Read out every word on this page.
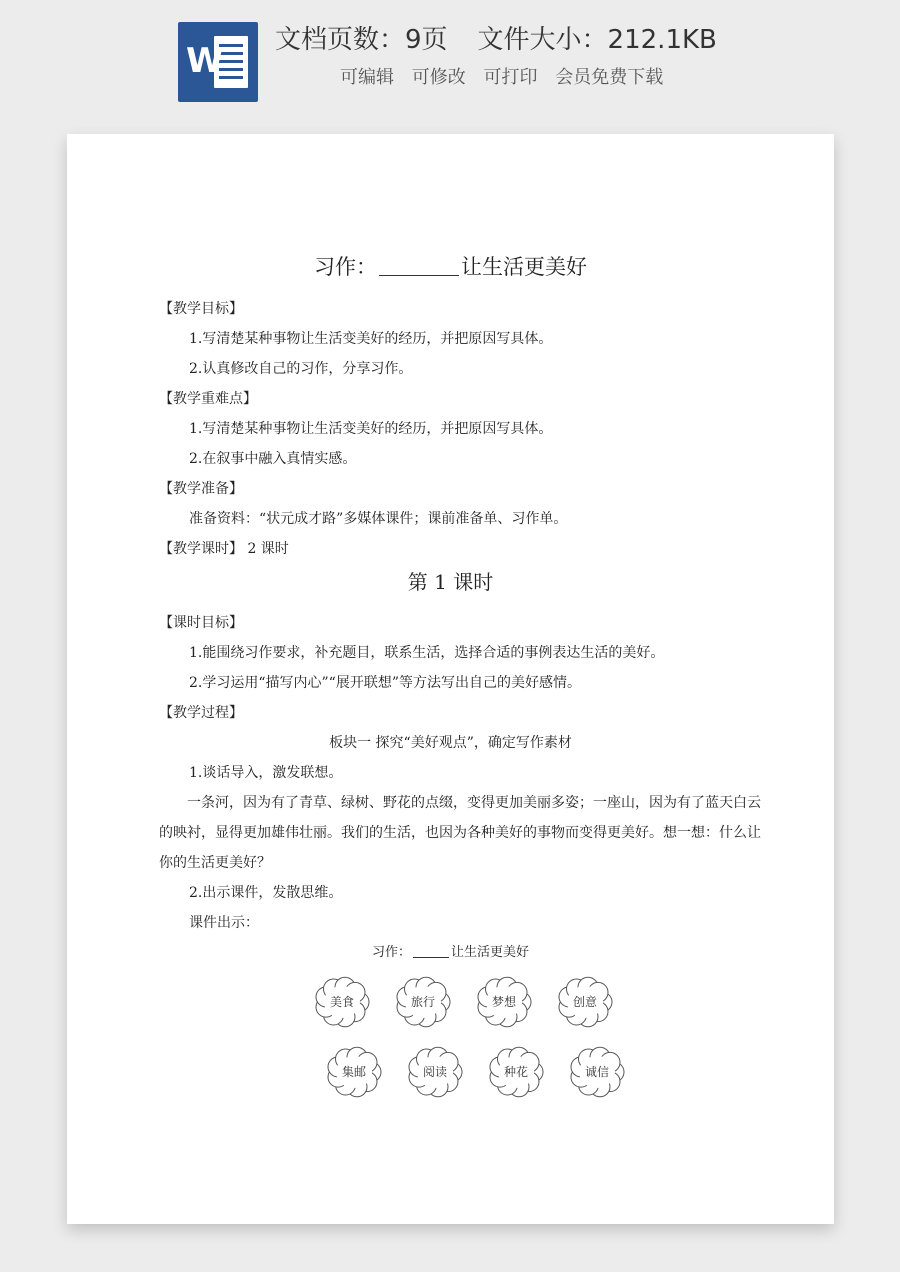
W
文档页数：9页 文件大小：212.1KB
可编辑 可修改 可打印 会员免费下载
习作：	让生活更美好
【教学目标】
1.写清楚某种事物让生活变美好的经历，并把原因写具体。
2.认真修改自己的习作，分享习作。
【教学重难点】
1.写清楚某种事物让生活变美好的经历，并把原因写具体。
2.在叙事中融入真情实感。
【教学准备】
准备资料：“状元成才路”多媒体课件；课前准备单、习作单。
【教学课时】 2 课时
第 1 课时
【课时目标】
1.能围绕习作要求，补充题目，联系生活，选择合适的事例表达生活的美好。
2.学习运用“描写内心”“展开联想”等方法写出自己的美好感情。
【教学过程】
板块一 探究“美好观点”，确定写作素材
1.谈话导入，激发联想。
一条河，因为有了青草、绿树、野花的点缀，变得更加美丽多姿；一座山，因为有了蓝天白云的映衬，显得更加雄伟壮丽。我们的生活，也因为各种美好的事物而变得更美好。想一想：什么让你的生活更美好？
2.出示课件，发散思维。
课件出示：
习作：	让生活更美好
美食	旅行	梦想	创意
集邮	阅读	种花	诚信
